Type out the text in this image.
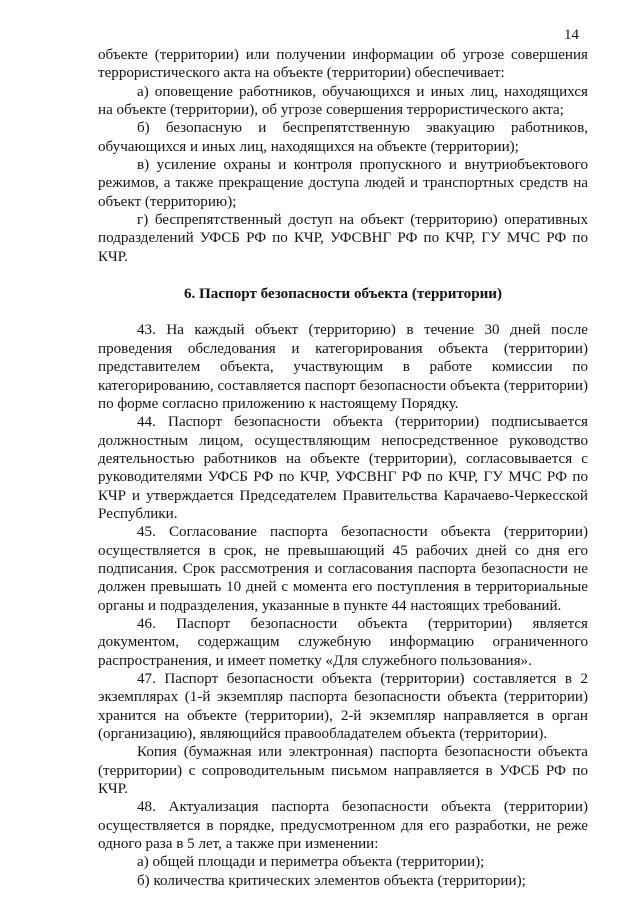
14

объекте (территории) или получении информации об угрозе совершения террористического акта на объекте (территории) обеспечивает:

а) оповещение работников, обучающихся и иных лиц, находящихся на объекте (территории), об угрозе совершения террористического акта;

б) безопасную и беспрепятственную эвакуацию работников, обучающихся и иных лиц, находящихся на объекте (территории);

в) усиление охраны и контроля пропускного и внутриобъектового режимов, а также прекращение доступа людей и транспортных средств на объект (территорию);

г) беспрепятственный доступ на объект (территорию) оперативных подразделений УФСБ РФ по КЧР, УФСВНГ РФ по КЧР, ГУ МЧС РФ по КЧР.

6. Паспорт безопасности объекта (территории)

43. На каждый объект (территорию) в течение 30 дней после проведения обследования и категорирования объекта (территории) представителем объекта, участвующим в работе комиссии по категорированию, составляется паспорт безопасности объекта (территории) по форме согласно приложению к настоящему Порядку.

44. Паспорт безопасности объекта (территории) подписывается должностным лицом, осуществляющим непосредственное руководство деятельностью работников на объекте (территории), согласовывается с руководителями УФСБ РФ по КЧР, УФСВНГ РФ по КЧР, ГУ МЧС РФ по КЧР и утверждается Председателем Правительства Карачаево-Черкесской Республики.

45. Согласование паспорта безопасности объекта (территории) осуществляется в срок, не превышающий 45 рабочих дней со дня его подписания. Срок рассмотрения и согласования паспорта безопасности не должен превышать 10 дней с момента его поступления в территориальные органы и подразделения, указанные в пункте 44 настоящих требований.

46. Паспорт безопасности объекта (территории) является документом, содержащим служебную информацию ограниченного распространения, и имеет пометку «Для служебного пользования».

47. Паспорт безопасности объекта (территории) составляется в 2 экземплярах (1-й экземпляр паспорта безопасности объекта (территории) хранится на объекте (территории), 2-й экземпляр направляется в орган (организацию), являющийся правообладателем объекта (территории).

Копия (бумажная или электронная) паспорта безопасности объекта (территории) с сопроводительным письмом направляется в УФСБ РФ по КЧР.

48. Актуализация паспорта безопасности объекта (территории) осуществляется в порядке, предусмотренном для его разработки, не реже одного раза в 5 лет, а также при изменении:

а) общей площади и периметра объекта (территории);

б) количества критических элементов объекта (территории);
